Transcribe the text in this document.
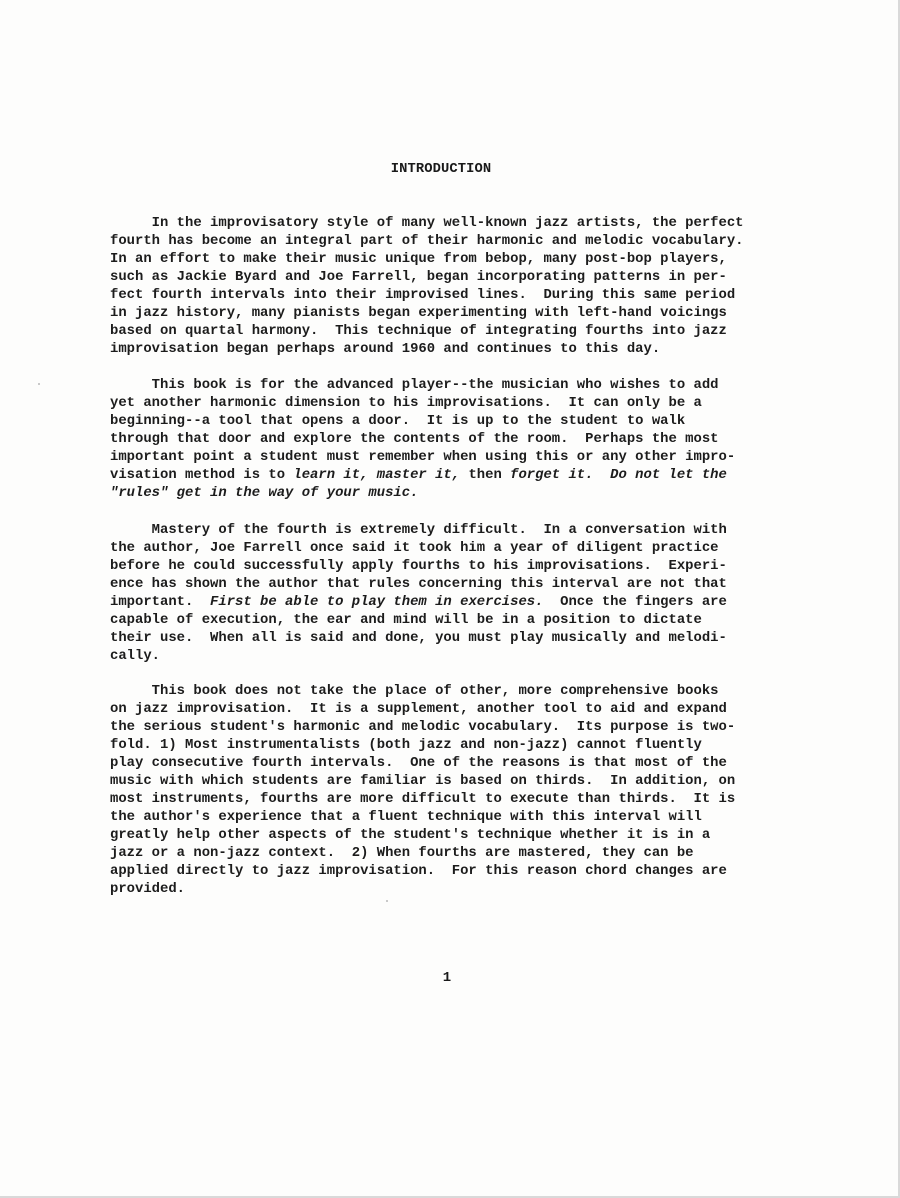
INTRODUCTION
In the improvisatory style of many well-known jazz artists, the perfect
fourth has become an integral part of their harmonic and melodic vocabulary.
In an effort to make their music unique from bebop, many post-bop players,
such as Jackie Byard and Joe Farrell, began incorporating patterns in per-
fect fourth intervals into their improvised lines.  During this same period
in jazz history, many pianists began experimenting with left-hand voicings
based on quartal harmony.  This technique of integrating fourths into jazz
improvisation began perhaps around 1960 and continues to this day.
This book is for the advanced player--the musician who wishes to add
yet another harmonic dimension to his improvisations.  It can only be a
beginning--a tool that opens a door.  It is up to the student to walk
through that door and explore the contents of the room.  Perhaps the most
important point a student must remember when using this or any other impro-
visation method is to learn it, master it, then forget it. Do not let the
"rules" get in the way of your music.
Mastery of the fourth is extremely difficult.  In a conversation with
the author, Joe Farrell once said it took him a year of diligent practice
before he could successfully apply fourths to his improvisations.  Experi-
ence has shown the author that rules concerning this interval are not that
important.  First be able to play them in exercises.  Once the fingers are
capable of execution, the ear and mind will be in a position to dictate
their use.  When all is said and done, you must play musically and melodi-
cally.
This book does not take the place of other, more comprehensive books
on jazz improvisation.  It is a supplement, another tool to aid and expand
the serious student's harmonic and melodic vocabulary.  Its purpose is two-
fold. 1) Most instrumentalists (both jazz and non-jazz) cannot fluently
play consecutive fourth intervals.  One of the reasons is that most of the
music with which students are familiar is based on thirds.  In addition, on
most instruments, fourths are more difficult to execute than thirds.  It is
the author's experience that a fluent technique with this interval will
greatly help other aspects of the student's technique whether it is in a
jazz or a non-jazz context.  2) When fourths are mastered, they can be
applied directly to jazz improvisation.  For this reason chord changes are
provided.
1
